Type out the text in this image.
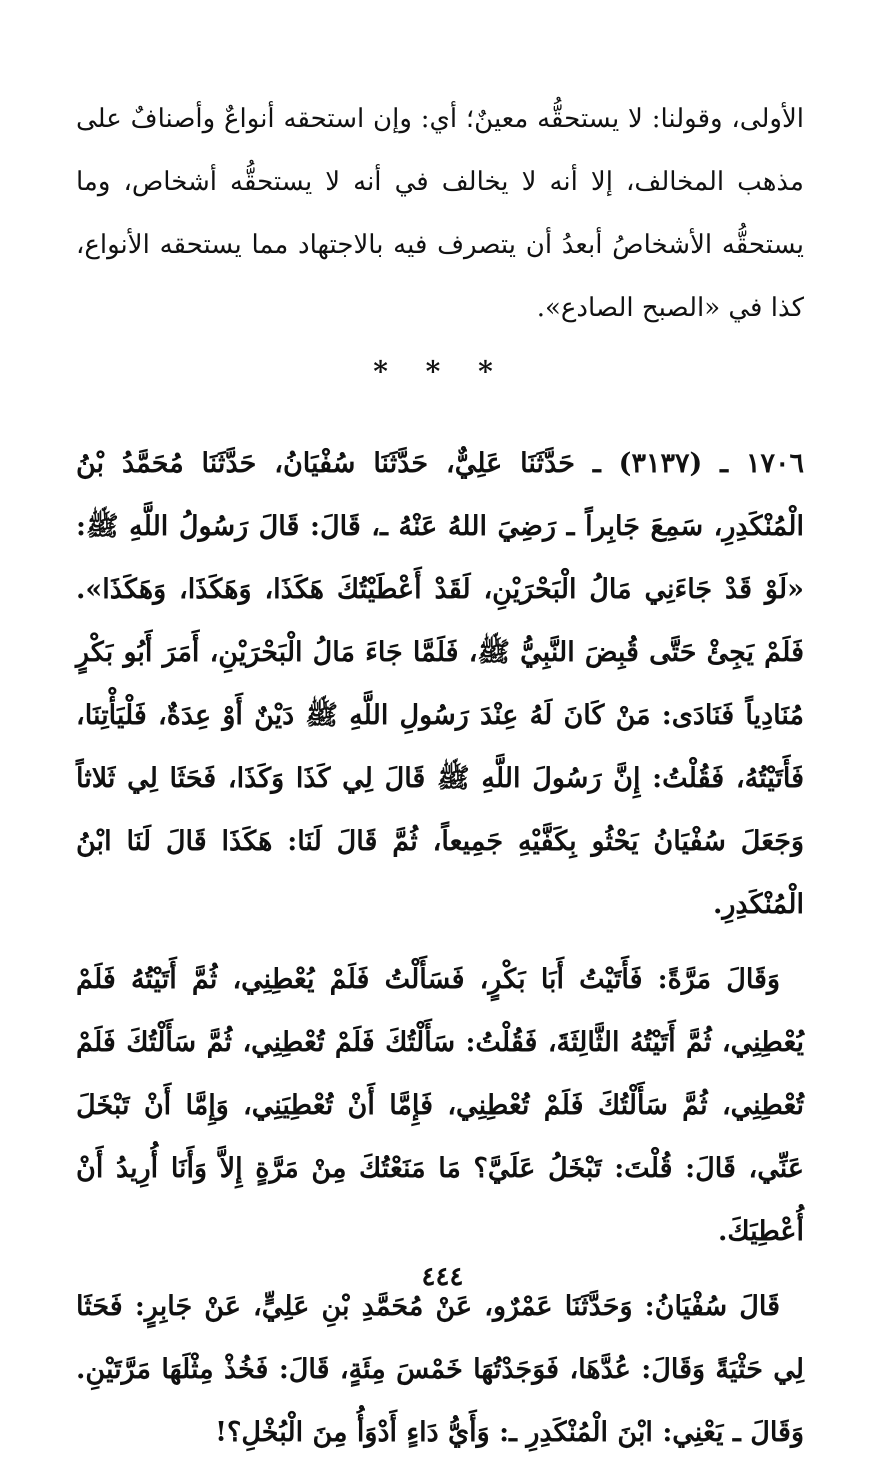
الأولى، وقولنا: لا يستحقُّه معينٌ؛ أي: وإن استحقه أنواعٌ وأصنافٌ على مذهب المخالف، إلا أنه لا يخالف في أنه لا يستحقُّه أشخاص، وما يستحقُّه الأشخاصُ أبعدُ أن يتصرف فيه بالاجتهاد مما يستحقه الأنواع، كذا في «الصبح الصادع».

* * *

١٧٠٦ ـ (٣١٣٧) ـ حَدَّثَنَا عَلِيٌّ، حَدَّثَنَا سُفْيَانُ، حَدَّثَنَا مُحَمَّدُ بْنُ الْمُنْكَدِرِ، سَمِعَ جَابِراً ـ رَضِيَ اللهُ عَنْهُ ـ، قَالَ: قَالَ رَسُولُ اللَّهِ ﷺ: «لَوْ قَدْ جَاءَنِي مَالُ الْبَحْرَيْنِ، لَقَدْ أَعْطَيْتُكَ هَكَذَا، وَهَكَذَا، وَهَكَذَا». فَلَمْ يَجِئْ حَتَّى قُبِضَ النَّبِيُّ ﷺ، فَلَمَّا جَاءَ مَالُ الْبَحْرَيْنِ، أَمَرَ أَبُو بَكْرٍ مُنَادِياً فَنَادَى: مَنْ كَانَ لَهُ عِنْدَ رَسُولِ اللَّهِ ﷺ دَيْنٌ أَوْ عِدَةٌ، فَلْيَأْتِنَا، فَأَتَيْتُهُ، فَقُلْتُ: إِنَّ رَسُولَ اللَّهِ ﷺ قَالَ لِي كَذَا وَكَذَا، فَحَثَا لِي ثَلاثاً وَجَعَلَ سُفْيَانُ يَحْثُو بِكَفَّيْهِ جَمِيعاً، ثُمَّ قَالَ لَنَا: هَكَذَا قَالَ لَنَا ابْنُ الْمُنْكَدِرِ.

وَقَالَ مَرَّةً: فَأَتَيْتُ أَبَا بَكْرٍ، فَسَأَلْتُ فَلَمْ يُعْطِنِي، ثُمَّ أَتَيْتُهُ فَلَمْ يُعْطِنِي، ثُمَّ أَتَيْتُهُ الثَّالِثَةَ، فَقُلْتُ: سَأَلْتُكَ فَلَمْ تُعْطِنِي، ثُمَّ سَأَلْتُكَ فَلَمْ تُعْطِنِي، ثُمَّ سَأَلْتُكَ فَلَمْ تُعْطِنِي، فَإِمَّا أَنْ تُعْطِيَنِي، وَإِمَّا أَنْ تَبْخَلَ عَنِّي، قَالَ: قُلْتَ: تَبْخَلُ عَلَيَّ؟ مَا مَنَعْتُكَ مِنْ مَرَّةٍ إِلاَّ وَأَنَا أُرِيدُ أَنْ أُعْطِيَكَ.

قَالَ سُفْيَانُ: وَحَدَّثَنَا عَمْرٌو، عَنْ مُحَمَّدِ بْنِ عَلِيٍّ، عَنْ جَابِرٍ: فَحَثَا لِي حَثْيَةً وَقَالَ: عُدَّهَا، فَوَجَدْتُهَا خَمْسَ مِئَةٍ، قَالَ: فَخُذْ مِثْلَهَا مَرَّتَيْنِ. وَقَالَ ـ يَعْنِي: ابْنَ الْمُنْكَدِرِ ـ: وَأَيُّ دَاءٍ أَدْوَأُ مِنَ الْبُخْلِ؟!

٤٤٤
